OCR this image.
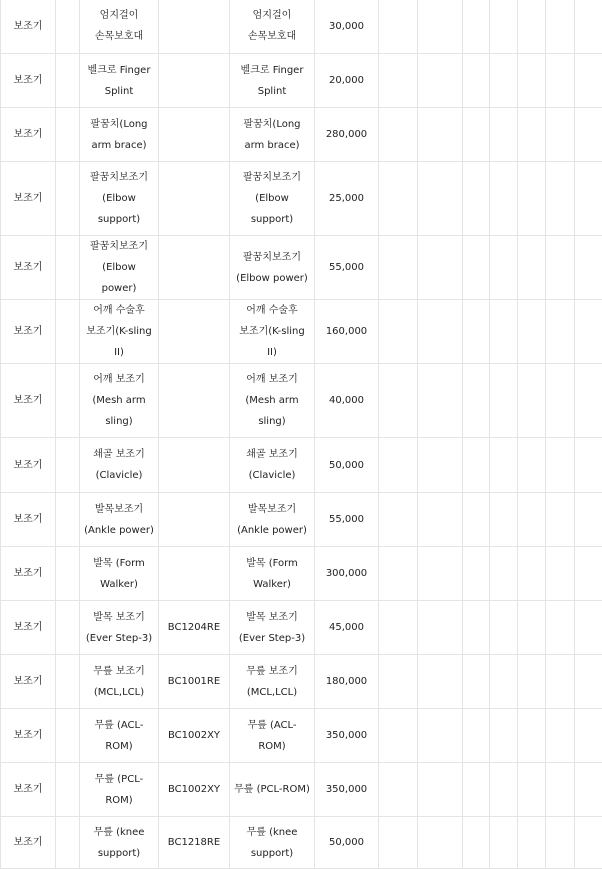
보조기		엄지걸이 손목보호대		엄지걸이 손목보호대	30,000							
보조기		벨크로 Finger Splint		벨크로 Finger Splint	20,000							
보조기		팔꿈치(Long arm brace)		팔꿈치(Long arm brace)	280,000							
보조기		팔꿈치보조기 (Elbow support)		팔꿈치보조기 (Elbow support)	25,000							
보조기		팔꿈치보조기 (Elbow power)		팔꿈치보조기 (Elbow power)	55,000							
보조기		어깨 수술후 보조기(K-sling II)		어깨 수술후 보조기(K-sling II)	160,000							
보조기		어깨 보조기 (Mesh arm sling)		어깨 보조기 (Mesh arm sling)	40,000							
보조기		쇄골 보조기 (Clavicle)		쇄골 보조기 (Clavicle)	50,000							
보조기		발목보조기 (Ankle power)		발목보조기 (Ankle power)	55,000							
보조기		발목 (Form Walker)		발목 (Form Walker)	300,000							
보조기		발목 보조기 (Ever Step-3)	BC1204RE	발목 보조기 (Ever Step-3)	45,000							
보조기		무릎 보조기 (MCL,LCL)	BC1001RE	무릎 보조기 (MCL,LCL)	180,000							
보조기		무릎 (ACL-ROM)	BC1002XY	무릎 (ACL-ROM)	350,000							
보조기		무릎 (PCL-ROM)	BC1002XY	무릎 (PCL-ROM)	350,000							
보조기		무릎 (knee support)	BC1218RE	무릎 (knee support)	50,000							
